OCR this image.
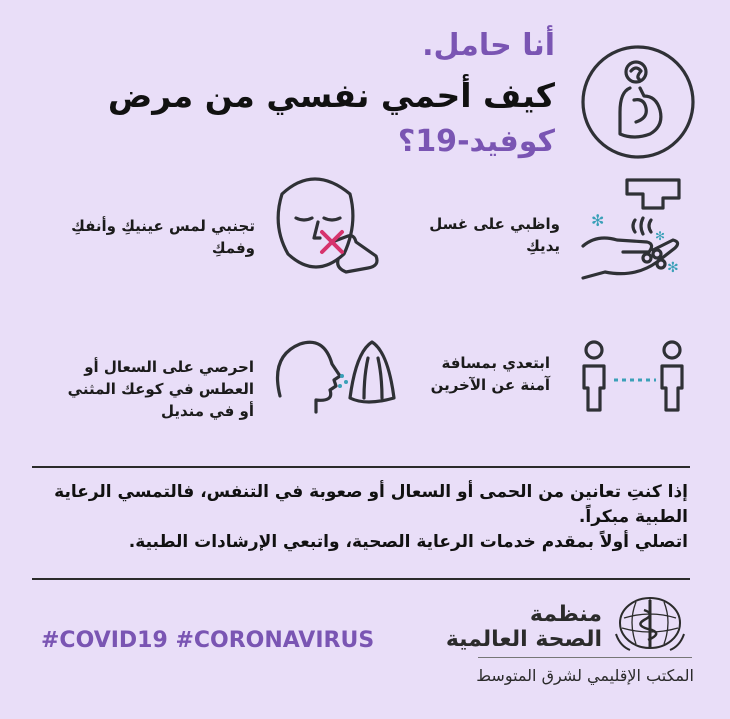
أنا حامل.
كيف أحمي نفسي من مرض
كوفيد-19؟
✻
✻
✻
واظبي على غسل يديكِ
تجنبي لمس عينيكِ وأنفكِ وفمكِ
ابتعدي بمسافة آمنة عن الآخرين
احرصي على السعال أو العطس في كوعك المثني أو في منديل
إذا كنتِ تعانين من الحمى أو السعال أو صعوبة في التنفس، فالتمسي الرعاية الطبية مبكراً.
اتصلي أولاً بمقدم خدمات الرعاية الصحية، واتبعي الإرشادات الطبية.
#COVID19 #CORONAVIRUS
منظمة
الصحة العالمية
المكتب الإقليمي لشرق المتوسط
